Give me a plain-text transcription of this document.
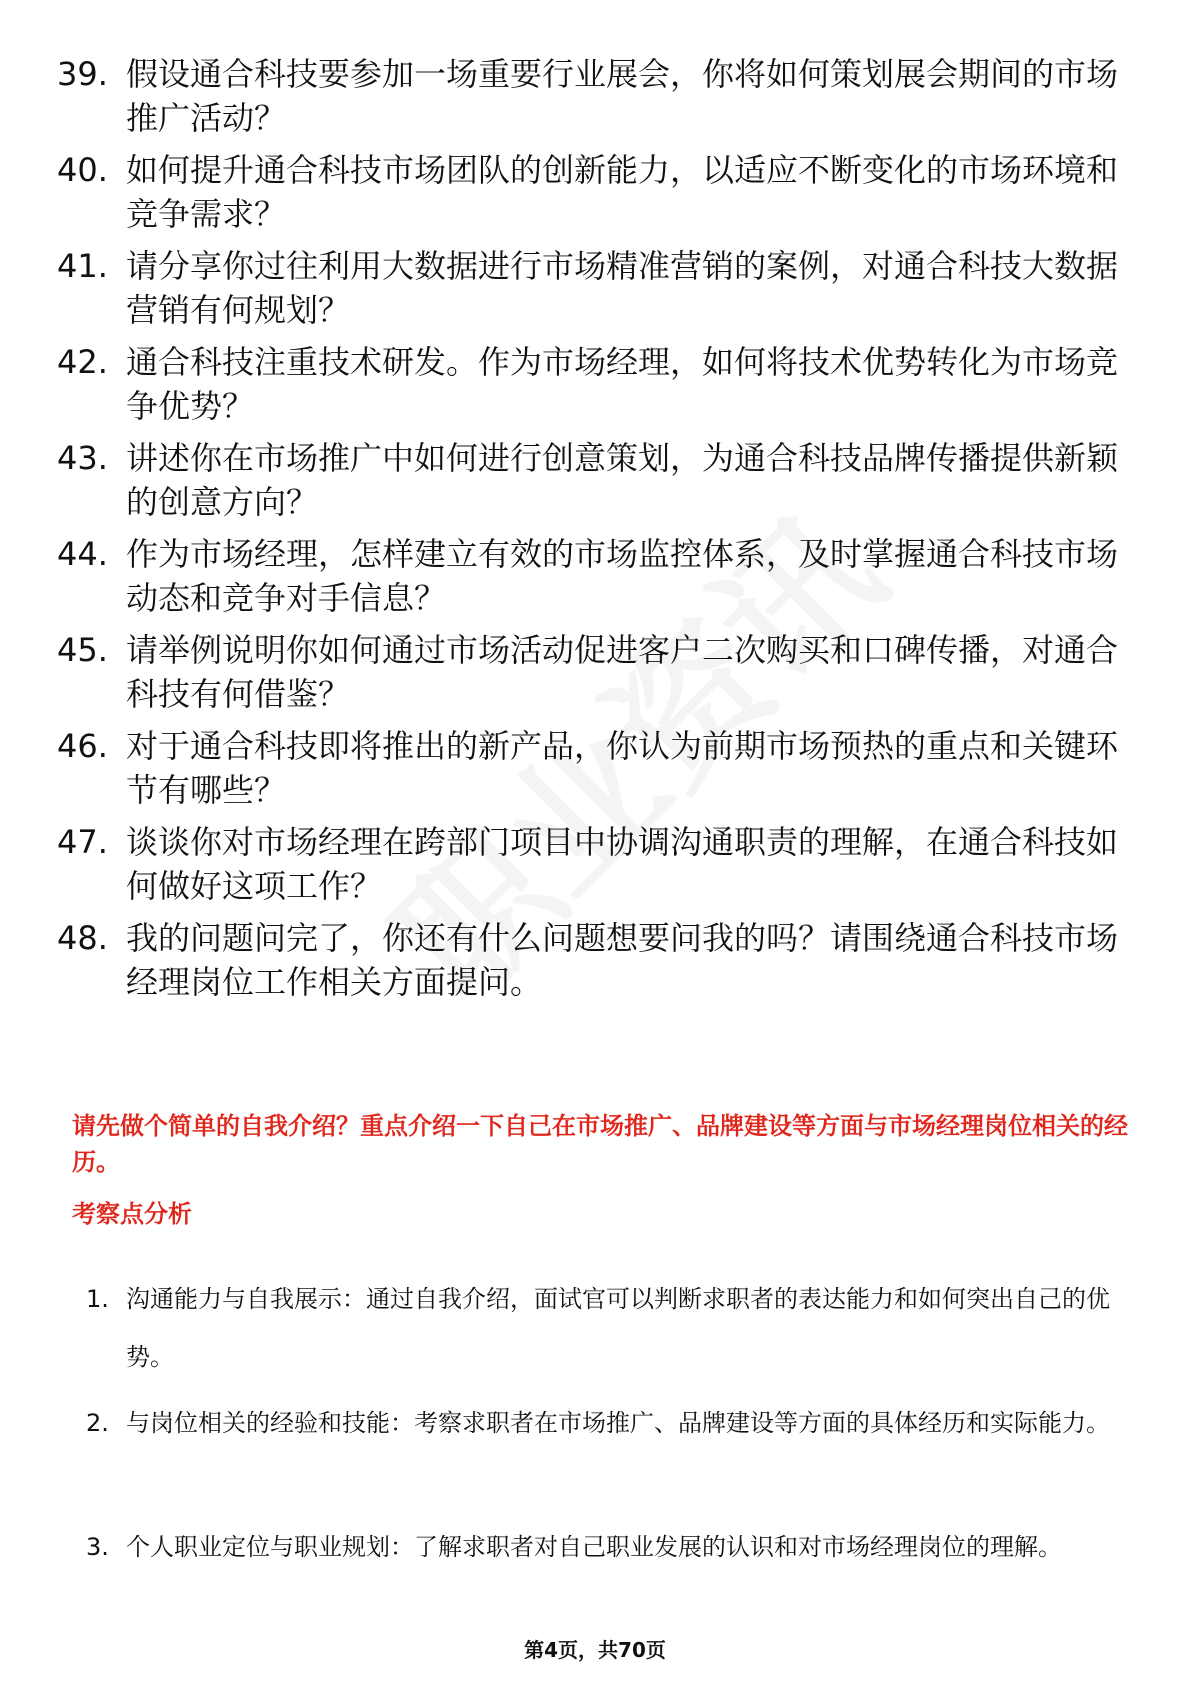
39. 假设通合科技要参加一场重要行业展会，你将如何策划展会期间的市场推广活动？
40. 如何提升通合科技市场团队的创新能力，以适应不断变化的市场环境和竞争需求？
41. 请分享你过往利用大数据进行市场精准营销的案例，对通合科技大数据营销有何规划？
42. 通合科技注重技术研发。作为市场经理，如何将技术优势转化为市场竞争优势？
43. 讲述你在市场推广中如何进行创意策划，为通合科技品牌传播提供新颖的创意方向？
44. 作为市场经理，怎样建立有效的市场监控体系，及时掌握通合科技市场动态和竞争对手信息？
45. 请举例说明你如何通过市场活动促进客户二次购买和口碑传播，对通合科技有何借鉴？
46. 对于通合科技即将推出的新产品，你认为前期市场预热的重点和关键环节有哪些？
47. 谈谈你对市场经理在跨部门项目中协调沟通职责的理解，在通合科技如何做好这项工作？
48. 我的问题问完了，你还有什么问题想要问我的吗？请围绕通合科技市场经理岗位工作相关方面提问。
请先做个简单的自我介绍？重点介绍一下自己在市场推广、品牌建设等方面与市场经理岗位相关的经历。
考察点分析
1. 沟通能力与自我展示：通过自我介绍，面试官可以判断求职者的表达能力和如何突出自己的优势。
2. 与岗位相关的经验和技能：考察求职者在市场推广、品牌建设等方面的具体经历和实际能力。
3. 个人职业定位与职业规划：了解求职者对自己职业发展的认识和对市场经理岗位的理解。
第4页，共70页
